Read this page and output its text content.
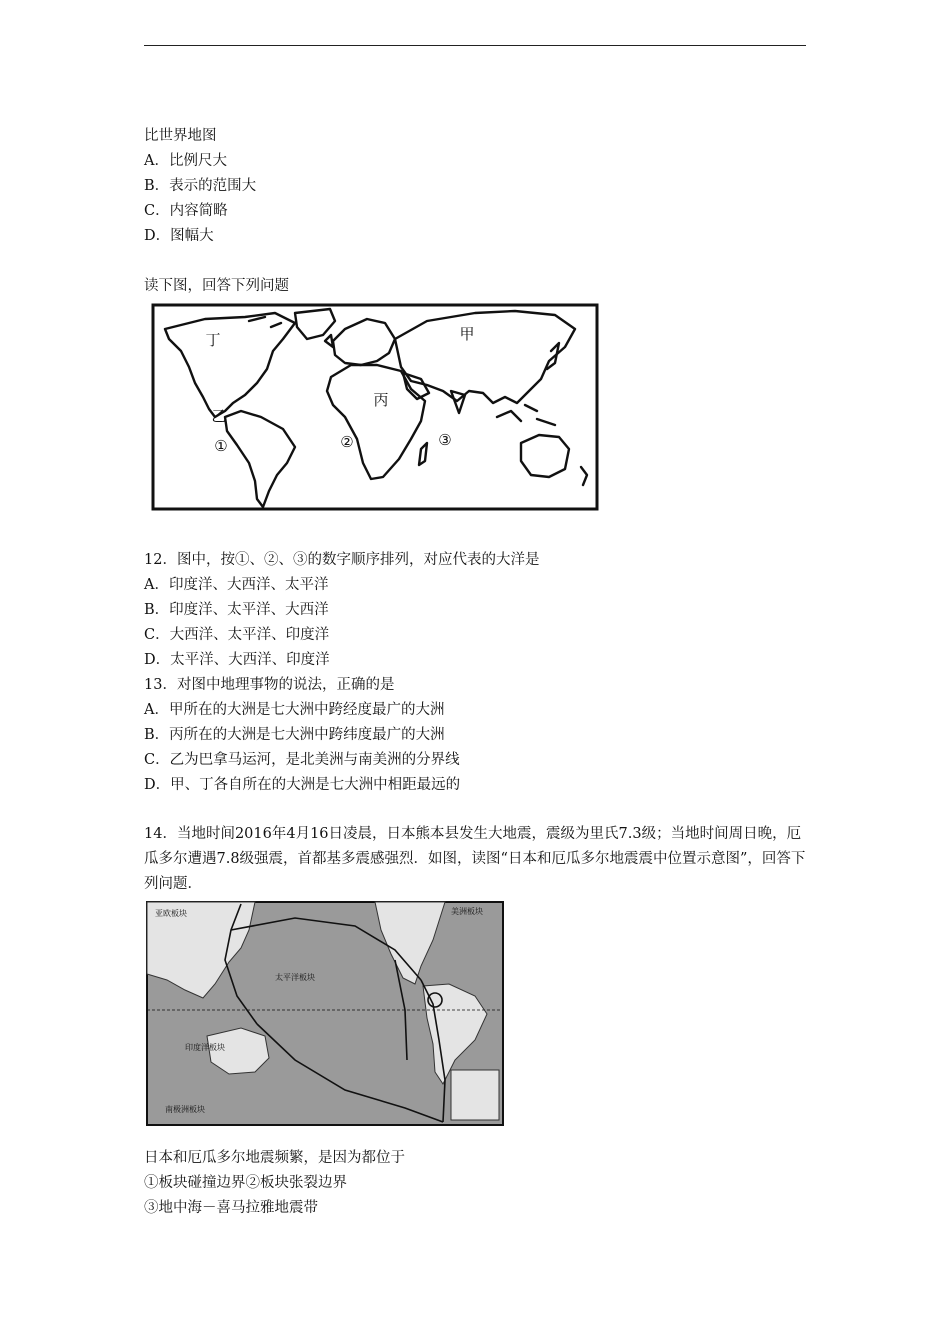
比世界地图
A．比例尺大
B．表示的范围大
C．内容简略
D．图幅大
读下图，回答下列问题
丁	甲
乙
丙
①	②	③
12．图中，按①、②、③的数字顺序排列，对应代表的大洋是
A．印度洋、大西洋、太平洋
B．印度洋、太平洋、大西洋
C．大西洋、太平洋、印度洋
D．太平洋、大西洋、印度洋
13．对图中地理事物的说法，正确的是
A．甲所在的大洲是七大洲中跨经度最广的大洲
B．丙所在的大洲是七大洲中跨纬度最广的大洲
C．乙为巴拿马运河，是北美洲与南美洲的分界线
D．甲、丁各自所在的大洲是七大洲中相距最远的
14．当地时间2016年4月16日凌晨，日本熊本县发生大地震，震级为里氏7.3级；当地时间周日晚，厄瓜多尔遭遇7.8级强震，首都基多震感强烈．如图，读图“日本和厄瓜多尔地震震中位置示意图”，回答下列问题．
亚欧板块
太平洋板块
印度洋板块
南极洲板块
美洲板块
日本和厄瓜多尔地震频繁，是因为都位于
①板块碰撞边界②板块张裂边界
③地中海－喜马拉雅地震带
